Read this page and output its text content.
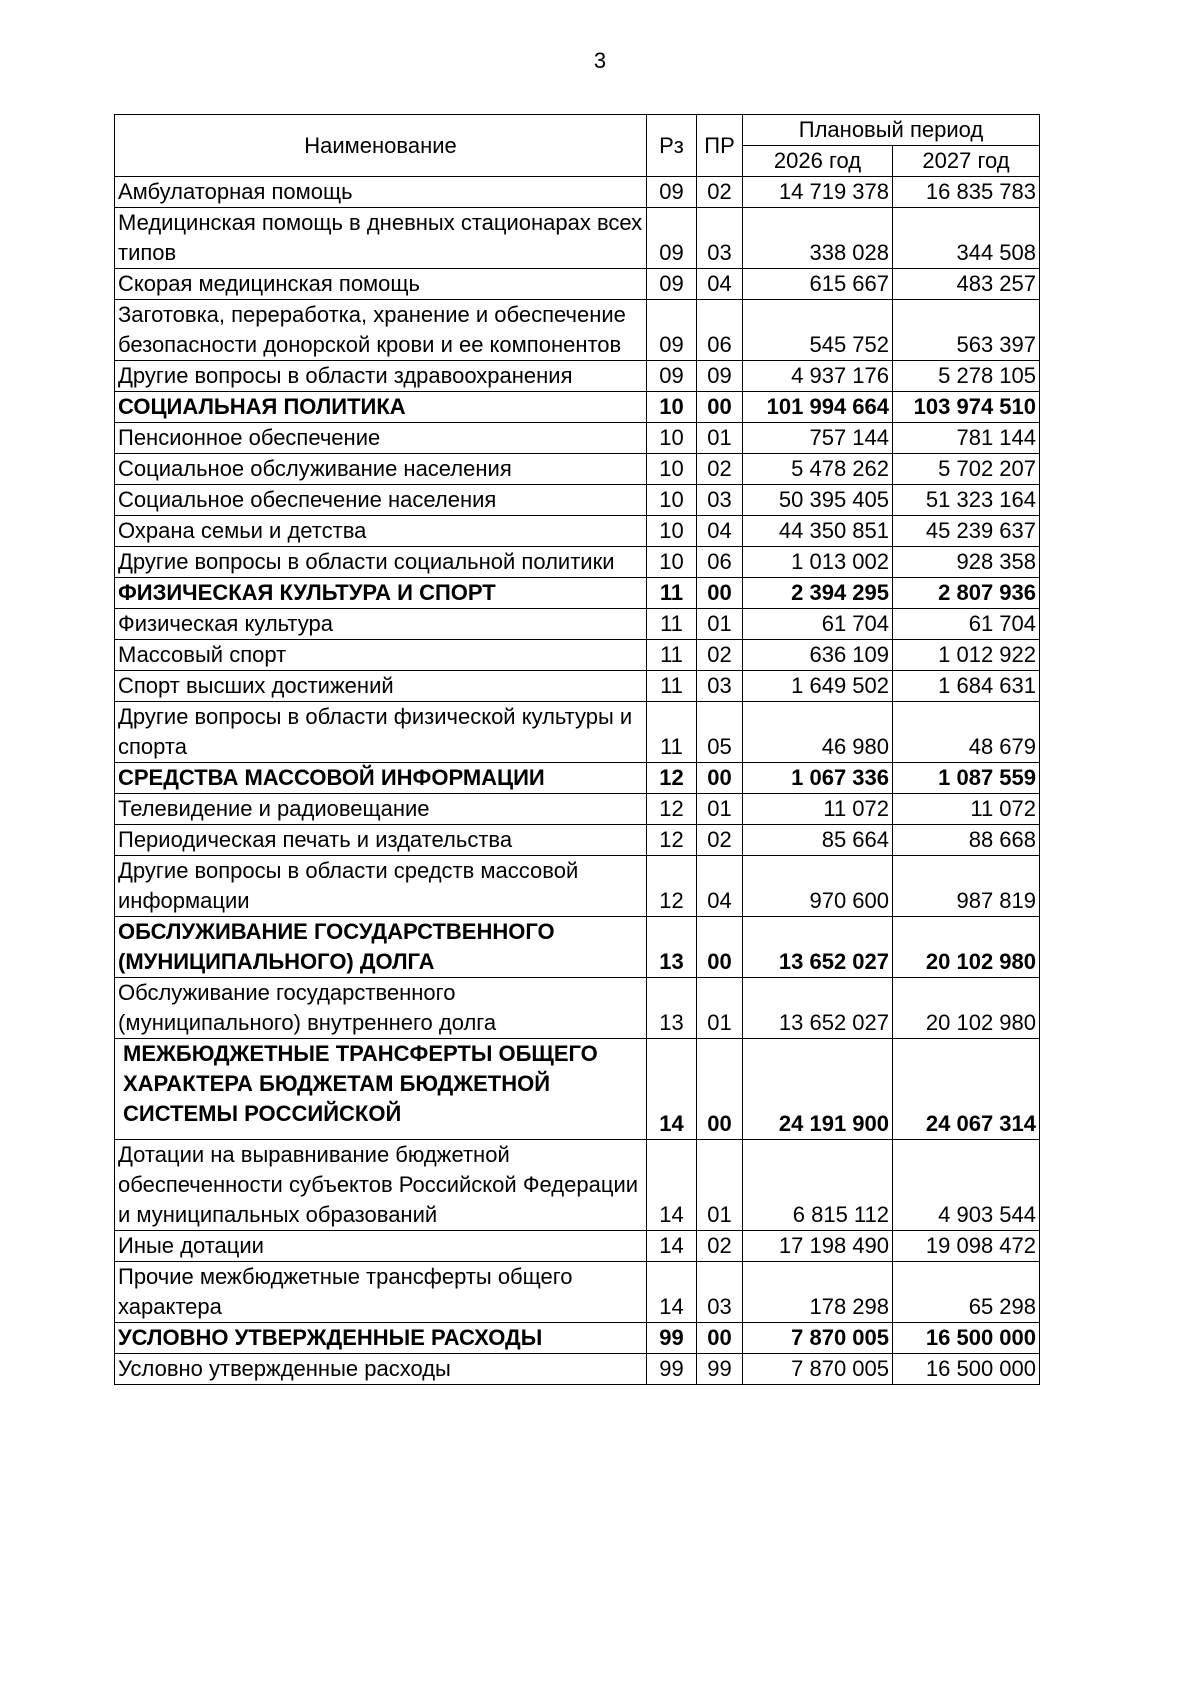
3
Наименование	Рз	ПР	Плановый период	
			2026 год	2027 год
Амбулаторная помощь	09	02	14 719 378	16 835 783
Медицинская помощь в дневных стационарах всех типов	09	03	338 028	344 508
Скорая медицинская помощь	09	04	615 667	483 257
Заготовка, переработка, хранение и обеспечение безопасности донорской крови и ее компонентов	09	06	545 752	563 397
Другие вопросы в области здравоохранения	09	09	4 937 176	5 278 105
СОЦИАЛЬНАЯ ПОЛИТИКА	10	00	101 994 664	103 974 510
Пенсионное обеспечение	10	01	757 144	781 144
Социальное обслуживание населения	10	02	5 478 262	5 702 207
Социальное обеспечение населения	10	03	50 395 405	51 323 164
Охрана семьи и детства	10	04	44 350 851	45 239 637
Другие вопросы в области социальной политики	10	06	1 013 002	928 358
ФИЗИЧЕСКАЯ КУЛЬТУРА И СПОРТ	11	00	2 394 295	2 807 936
Физическая культура	11	01	61 704	61 704
Массовый спорт	11	02	636 109	1 012 922
Спорт высших достижений	11	03	1 649 502	1 684 631
Другие вопросы в области физической культуры и спорта	11	05	46 980	48 679
СРЕДСТВА МАССОВОЙ ИНФОРМАЦИИ	12	00	1 067 336	1 087 559
Телевидение и радиовещание	12	01	11 072	11 072
Периодическая печать и издательства	12	02	85 664	88 668
Другие вопросы в области средств массовой информации	12	04	970 600	987 819
ОБСЛУЖИВАНИЕ ГОСУДАРСТВЕННОГО (МУНИЦИПАЛЬНОГО) ДОЛГА	13	00	13 652 027	20 102 980
Обслуживание государственного (муниципального) внутреннего долга	13	01	13 652 027	20 102 980

МЕЖБЮДЖЕТНЫЕ ТРАНСФЕРТЫ ОБЩЕГО ХАРАКТЕРА БЮДЖЕТАМ БЮДЖЕТНОЙ СИСТЕМЫ РОССИЙСКОЙ	14	00	24 191 900	24 067 314
Дотации на выравнивание бюджетной обеспеченности субъектов Российской Федерации и муниципальных образований	14	01	6 815 112	4 903 544
Иные дотации	14	02	17 198 490	19 098 472
Прочие межбюджетные трансферты общего характера	14	03	178 298	65 298
УСЛОВНО УТВЕРЖДЕННЫЕ РАСХОДЫ	99	00	7 870 005	16 500 000
Условно утвержденные расходы	99	99	7 870 005	16 500 000
